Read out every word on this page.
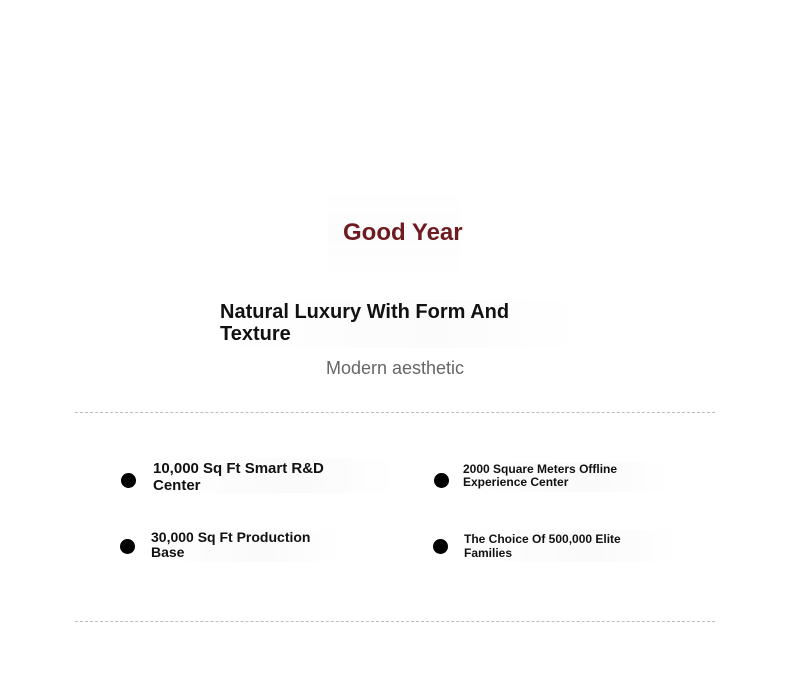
Good Year
Natural Luxury With Form And Texture
Modern aesthetic
10,000 Sq Ft Smart R&D Center
2000 Square Meters Offline Experience Center
30,000 Sq Ft Production Base
The Choice Of 500,000 Elite Families
